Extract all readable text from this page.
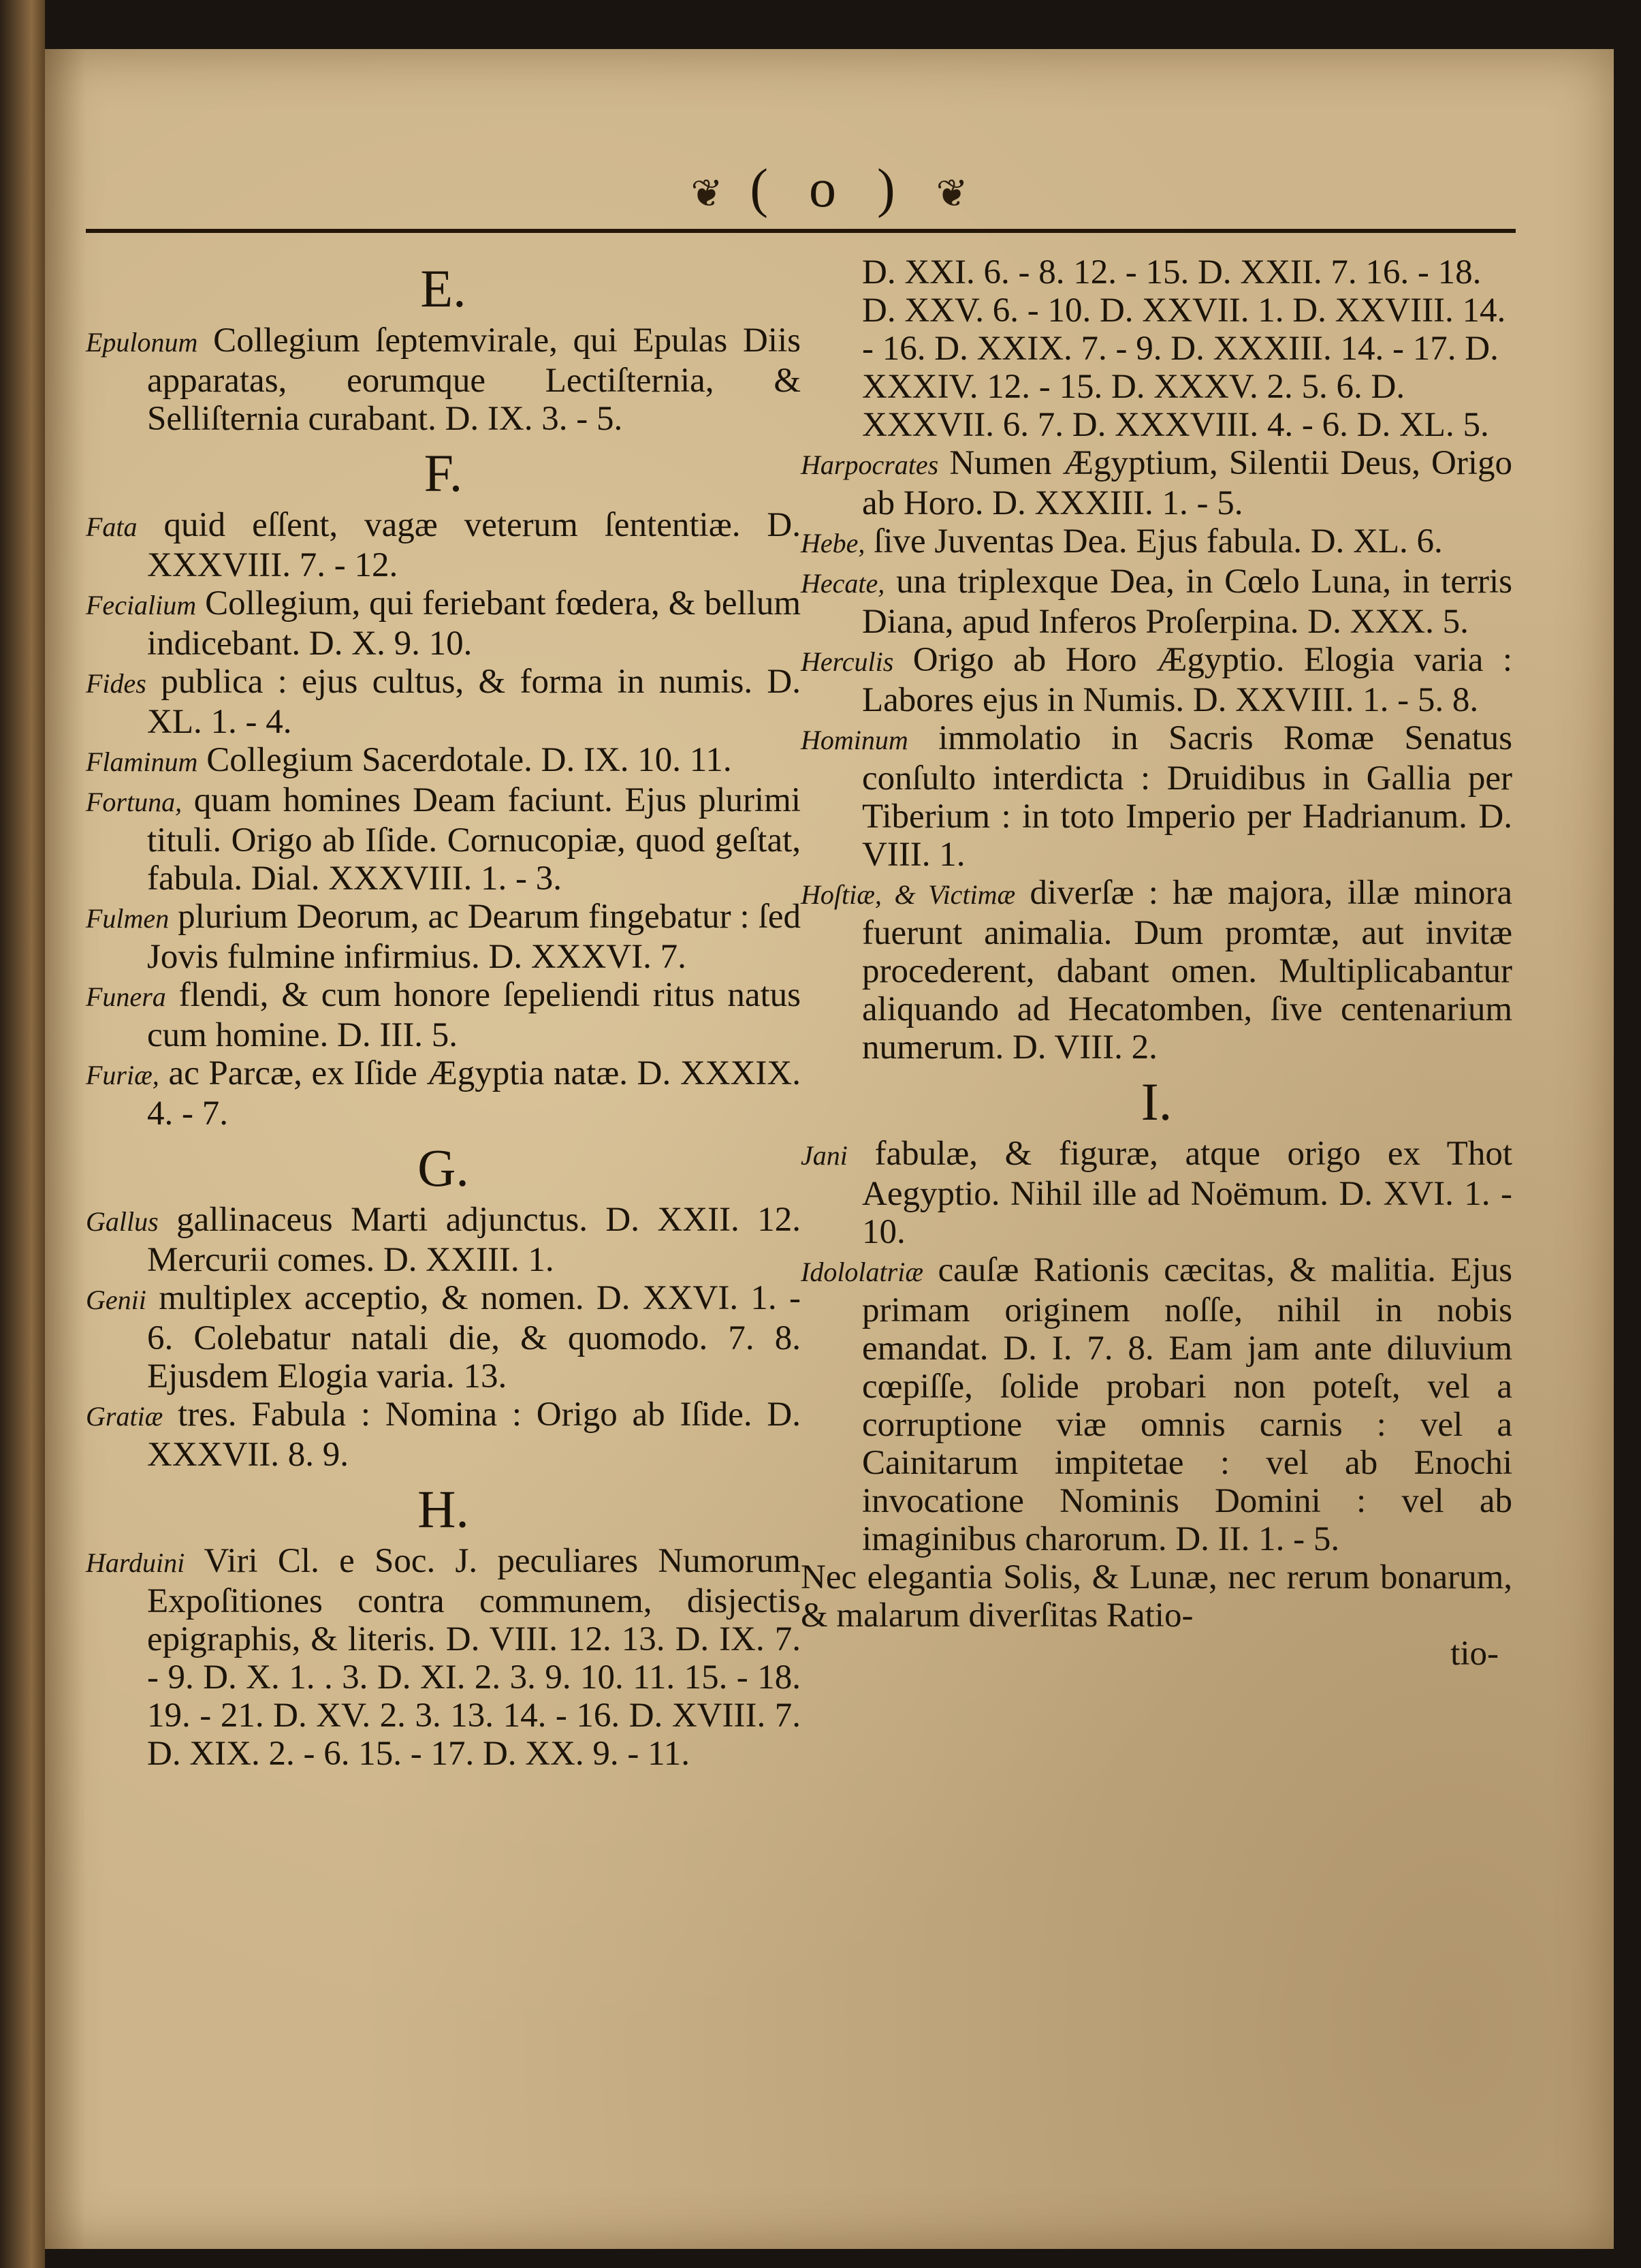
❦ ( o ) ❦
E.

Epulonum Collegium ſeptemvirale, qui Epulas Diis apparatas, eorumque Lectiſternia, & Selliſternia curabant. D. IX. 3. - 5.

F.

Fata quid eſſent, vagæ veterum ſententiæ. D. XXXVIII. 7. - 12.

Fecialium Collegium, qui feriebant fœdera, & bellum indicebant. D. X. 9. 10.

Fides publica : ejus cultus, & forma in numis. D. XL. 1. - 4.

Flaminum Collegium Sacerdotale. D. IX. 10. 11.

Fortuna, quam homines Deam faciunt. Ejus plurimi tituli. Origo ab Iſide. Cornucopiæ, quod geſtat, fabula. Dial. XXXVIII. 1. - 3.

Fulmen plurium Deorum, ac Dearum fingebatur : ſed Jovis fulmine infirmius. D. XXXVI. 7.

Funera flendi, & cum honore ſepeliendi ritus natus cum homine. D. III. 5.

Furiæ, ac Parcæ, ex Iſide Ægyptia natæ. D. XXXIX. 4. - 7.

G.

Gallus gallinaceus Marti adjunctus. D. XXII. 12. Mercurii comes. D. XXIII. 1.

Genii multiplex acceptio, & nomen. D. XXVI. 1. - 6. Colebatur natali die, & quomodo. 7. 8. Ejusdem Elogia varia. 13.

Gratiæ tres. Fabula : Nomina : Origo ab Iſide. D. XXXVII. 8. 9.

H.

Harduini Viri Cl. e Soc. J. peculiares Numorum Expoſitiones contra communem, disjectis epigraphis, & literis. D. VIII. 12. 13. D. IX. 7. - 9. D. X. 1. . 3. D. XI. 2. 3. 9. 10. 11. 15. - 18. 19. - 21. D. XV. 2. 3. 13. 14. - 16. D. XVIII. 7. D. XIX. 2. - 6. 15. - 17. D. XX. 9. - 11.

D. XXI. 6. - 8. 12. - 15. D. XXII. 7. 16. - 18. D. XXV. 6. - 10. D. XXVII. 1. D. XXVIII. 14. - 16. D. XXIX. 7. - 9. D. XXXIII. 14. - 17. D. XXXIV. 12. - 15. D. XXXV. 2. 5. 6. D. XXXVII. 6. 7. D. XXXVIII. 4. - 6. D. XL. 5.

Harpocrates Numen Ægyptium, Silentii Deus, Origo ab Horo. D. XXXIII. 1. - 5.

Hebe, ſive Juventas Dea. Ejus fabula. D. XL. 6.

Hecate, una triplexque Dea, in Cœlo Luna, in terris Diana, apud Inferos Proſerpina. D. XXX. 5.

Herculis Origo ab Horo Ægyptio. Elogia varia : Labores ejus in Numis. D. XXVIII. 1. - 5. 8.

Hominum immolatio in Sacris Romæ Senatus conſulto interdicta : Druidibus in Gallia per Tiberium : in toto Imperio per Hadrianum. D. VIII. 1.

Hoſtiæ, & Victimæ diverſæ : hæ majora, illæ minora fuerunt animalia. Dum promtæ, aut invitæ procederent, dabant omen. Multiplicabantur aliquando ad Hecatomben, ſive centenarium numerum. D. VIII. 2.

I.

Jani fabulæ, & figuræ, atque origo ex Thot Aegyptio. Nihil ille ad Noëmum. D. XVI. 1. - 10.

Idololatriæ cauſæ Rationis cæcitas, & malitia. Ejus primam originem noſſe, nihil in nobis emandat. D. I. 7. 8. Eam jam ante diluvium cœpiſſe, ſolide probari non poteſt, vel a corruptione viæ omnis carnis : vel a Cainitarum impitetae : vel ab Enochi invocatione Nominis Domini : vel ab imaginibus charorum. D. II. 1. - 5.

Nec elegantia Solis, & Lunæ, nec rerum bonarum, & malarum diverſitas Ratio-

tio-
